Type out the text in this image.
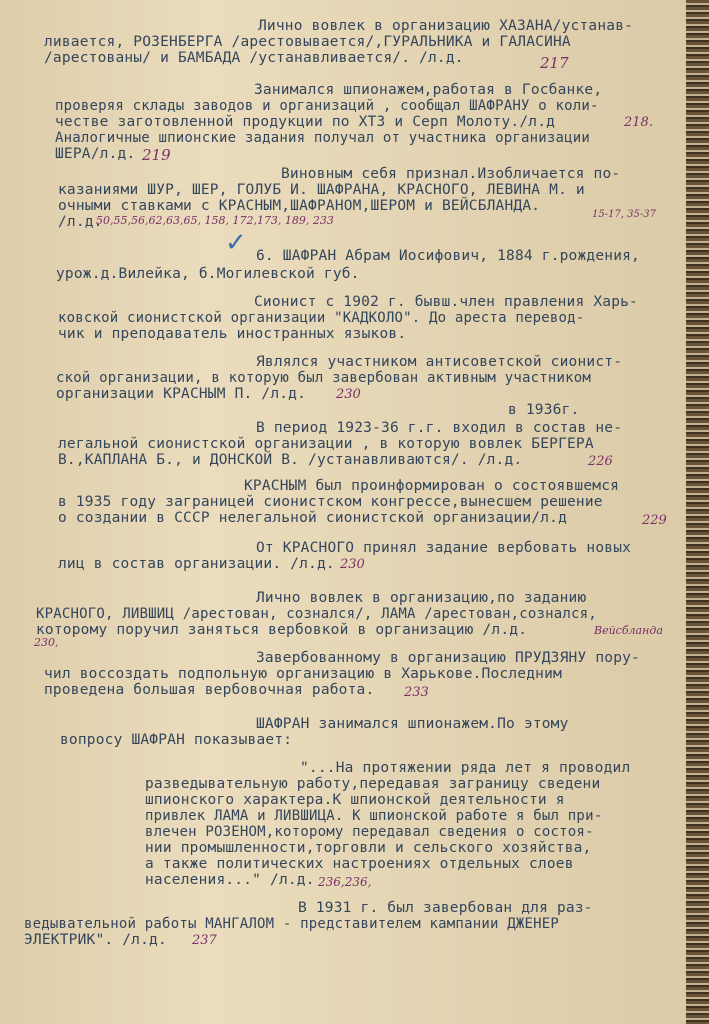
Лично вовлек в организацию ХАЗАНА/устанав-
ливается, РОЗЕНБЕРГА /арестовывается/,ГУРАЛЬНИКА и ГАЛАСИНА
/арестованы/ и БАМБАДА /устанавливается/. /л.д.
Занимался шпионажем,работая в Госбанке,
проверяя склады заводов и организаций , сообщал ШАФРАНУ о коли-
честве заготовленной продукции по ХТЗ и Серп Молоту./л.д
Аналогичные шпионские задания получал от участника организации
ШЕРА/л.д.
Виновным себя признал.Изобличается по-
казаниями ШУР, ШЕР, ГОЛУБ И. ШАФРАНА, КРАСНОГО, ЛЕВИНА М. и
очными ставками с КРАСНЫМ,ШАФРАНОМ,ШЕРОМ и ВЕЙСБЛАНДА.
/л.д.
6. ШАФРАН Абрам Иосифович, 1884 г.рождения,
урож.д.Вилейка, б.Могилевской губ.
Сионист с 1902 г. бывш.член правления Харь-
ковской сионистской организации "КАДКОЛО". До ареста перевод-
чик и преподаватель иностранных языков.
Являлся участником антисоветской сионист-
ской организации, в которую был завербован активным участником
организации КРАСНЫМ П. /л.д.
в 1936г.
В период 1923-36 г.г. входил в состав не-
легальной сионистской организации , в которую вовлек БЕРГЕРА
В.,КАПЛАНА Б., и ДОНСКОЙ В. /устанавливаются/. /л.д.
КРАСНЫМ был проинформирован о состоявшемся
в 1935 году заграницей сионистском конгрессе,вынесшем решение
о создании в СССР нелегальной сионистской организации/л.д
От КРАСНОГО принял задание вербовать новых
лиц в состав организации. /л.д.
Лично вовлек в организацию,по заданию
КРАСНОГО, ЛИВШИЦ /арестован, сознался/, ЛАМА /арестован,сознался,
которому поручил заняться вербовкой в организацию /л.д.
Завербованному в организацию ПРУДЗЯНУ пору-
чил воссоздать подпольную организацию в Харькове.Последним
проведена большая вербовочная работа.
ШАФРАН занимался шпионажем.По этому
вопросу ШАФРАН показывает:
"...На протяжении ряда лет я проводил
разведывательную работу,передавая заграницу сведени
шпионского характера.К шпионской деятельности я
привлек ЛАМА и ЛИВШИЦА. К шпионской работе я был при-
влечен РОЗЕНОМ,которому передавал сведения о состоя-
нии промышленности,торговли и сельского хозяйства,
а также политических настроениях отдельных слоев
населения..." /л.д.
В 1931 г. был завербован для раз-
ведывательной работы МАНГАЛОМ - представителем кампании ДЖЕНЕР
ЭЛЕКТРИК". /л.д.
217
218.
219
50,55,56,62,63,65, 158, 172,173, 189, 233	15-17, 35-37
230
226
229
230
230,
Вейсбланда
233
236,236,
237
✓
